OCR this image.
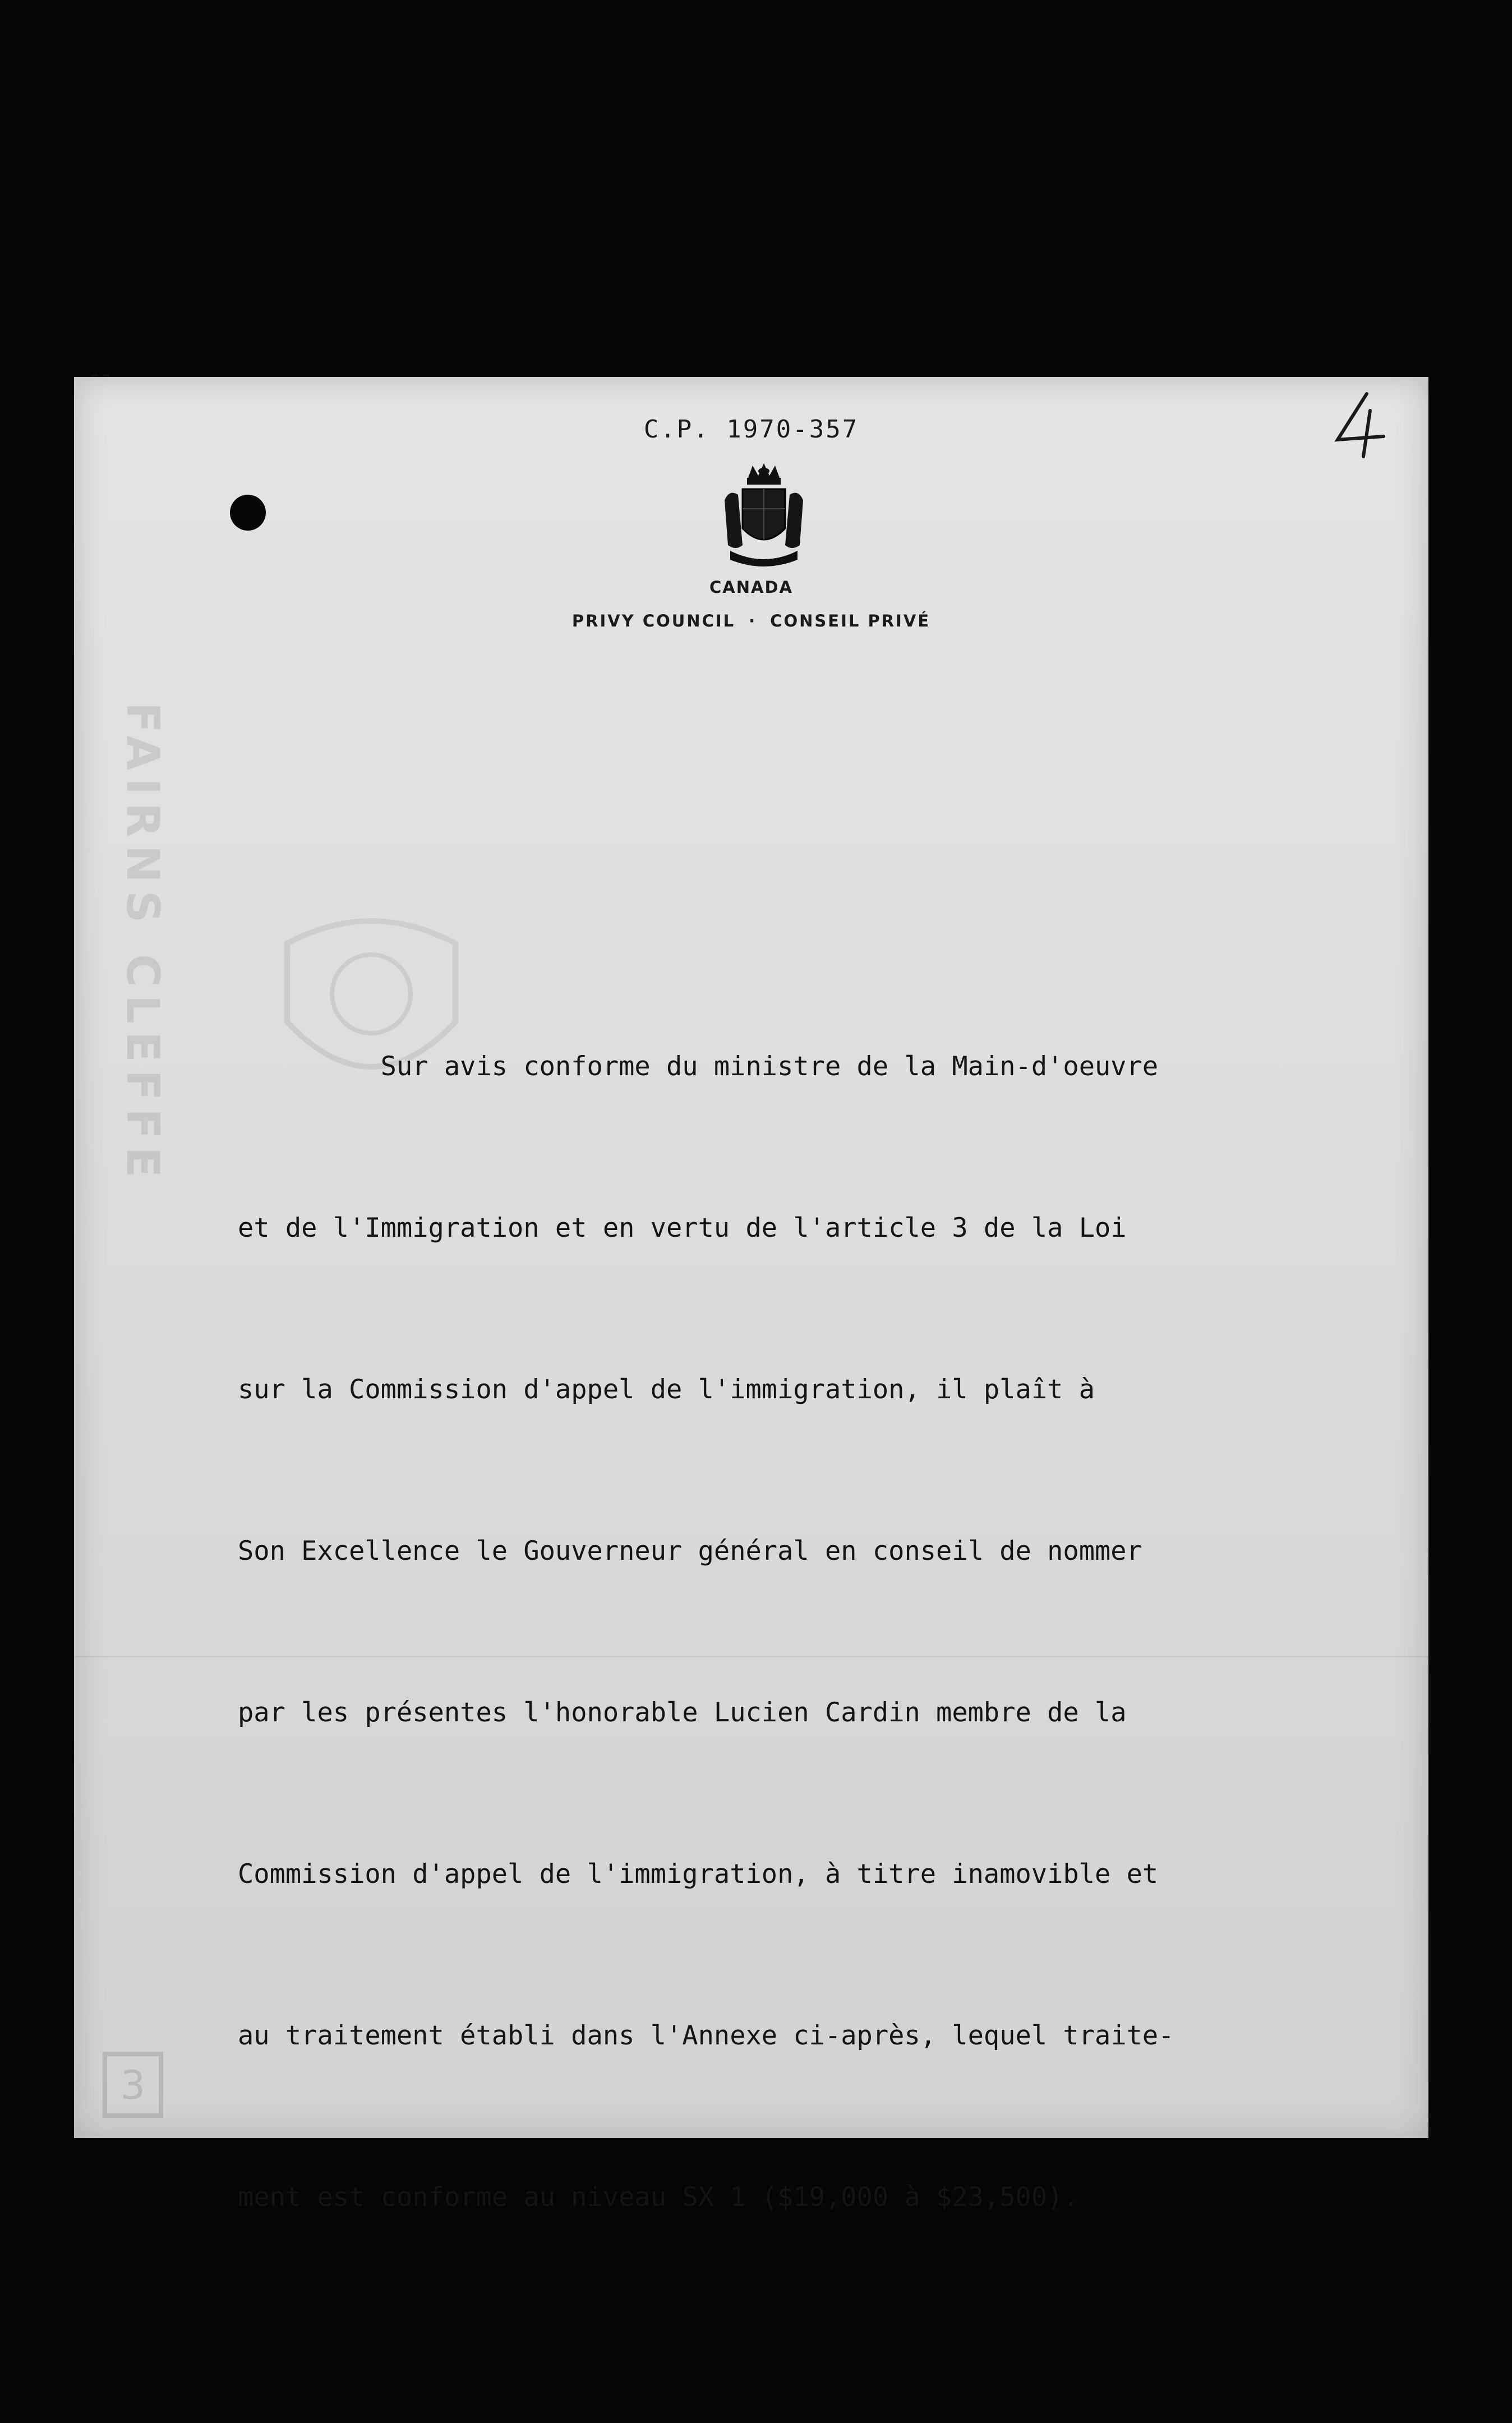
FAIRNS CLEFFE
3
C.P. 1970-357
CANADA
PRIVY COUNCIL · CONSEIL PRIVÉ

Sur avis conforme du ministre de la Main-d'oeuvre

et de l'Immigration et en vertu de l'article 3 de la Loi

sur la Commission d'appel de l'immigration, il plaît à

Son Excellence le Gouverneur général en conseil de nommer

par les présentes l'honorable Lucien Cardin membre de la

Commission d'appel de l'immigration, à titre inamovible et

au traitement établi dans l'Annexe ci-après, lequel traite-

ment est conforme au niveau SX 1 ($19,000 à $23,500).
